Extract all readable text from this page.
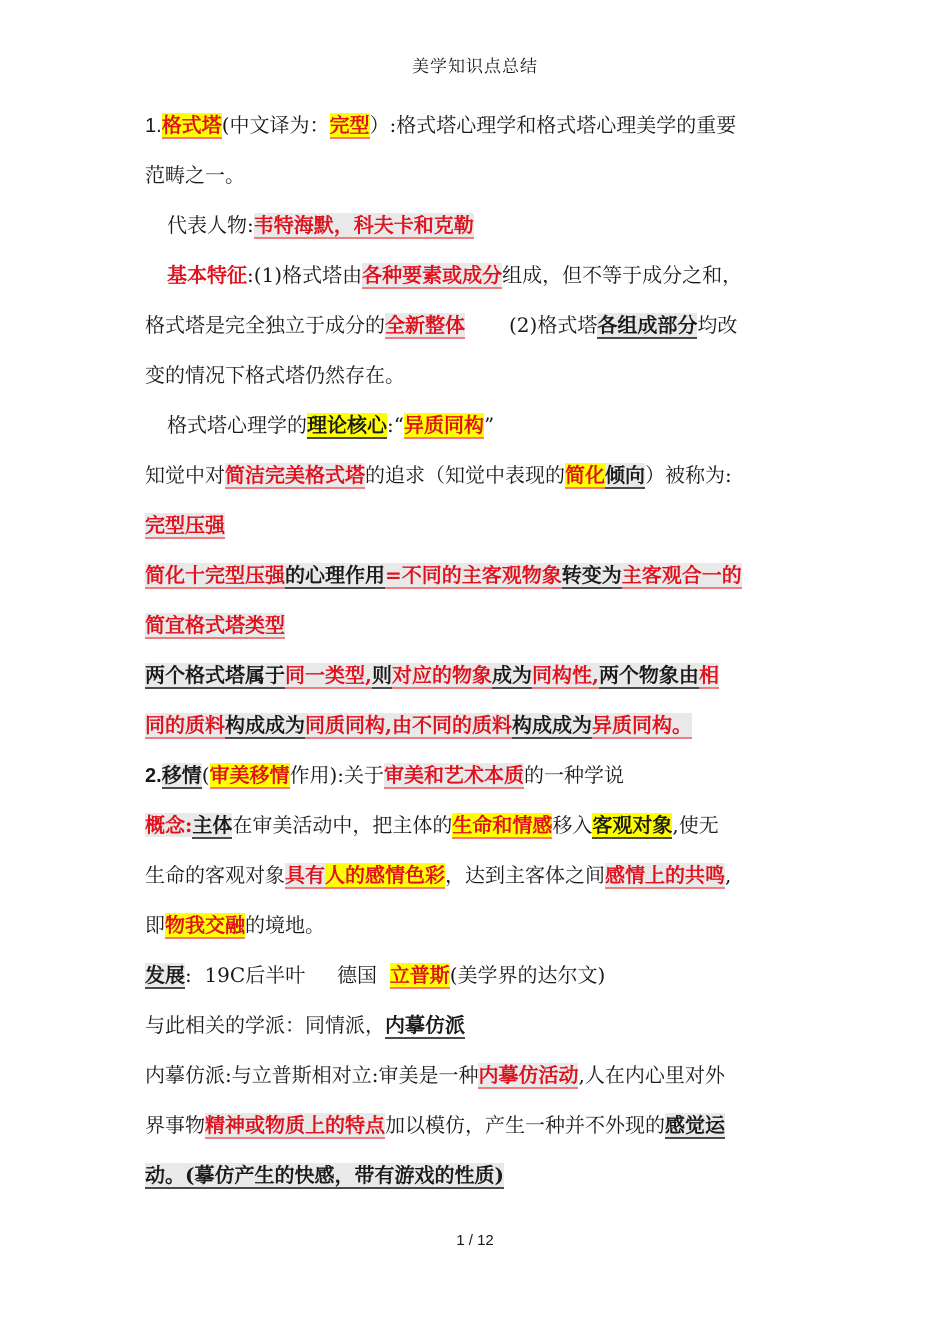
美学知识点总结
1.格式塔(中文译为：完型）:格式塔心理学和格式塔心理美学的重要
范畴之一。
代表人物:韦特海默，科夫卡和克勒
基本特征:(1)格式塔由各种要素或成分组成，但不等于成分之和，
格式塔是完全独立于成分的全新整体 (2)格式塔各组成部分均改
变的情况下格式塔仍然存在。
格式塔心理学的理论核心:“异质同构”
知觉中对简洁完美格式塔的追求（知觉中表现的简化倾向）被称为:
完型压强
简化十完型压强的心理作用=不同的主客观物象转变为主客观合一的
简宜格式塔类型
两个格式塔属于同一类型,则对应的物象成为同构性,两个物象由相
同的质料构成成为同质同构,由不同的质料构成成为异质同构。
2.移情(审美移情作用):关于审美和艺术本质的一种学说
概念:主体在审美活动中，把主体的生命和情感移入客观对象,使无
生命的客观对象具有人的感情色彩，达到主客体之间感情上的共鸣,
即物我交融的境地。
发展:  19C后半叶     德国  立普斯(美学界的达尔文)
与此相关的学派：同情派，内摹仿派
内摹仿派:与立普斯相对立:审美是一种内摹仿活动,人在内心里对外
界事物精神或物质上的特点加以模仿，产生一种并不外现的感觉运
动。(摹仿产生的快感，带有游戏的性质)
1 / 12
